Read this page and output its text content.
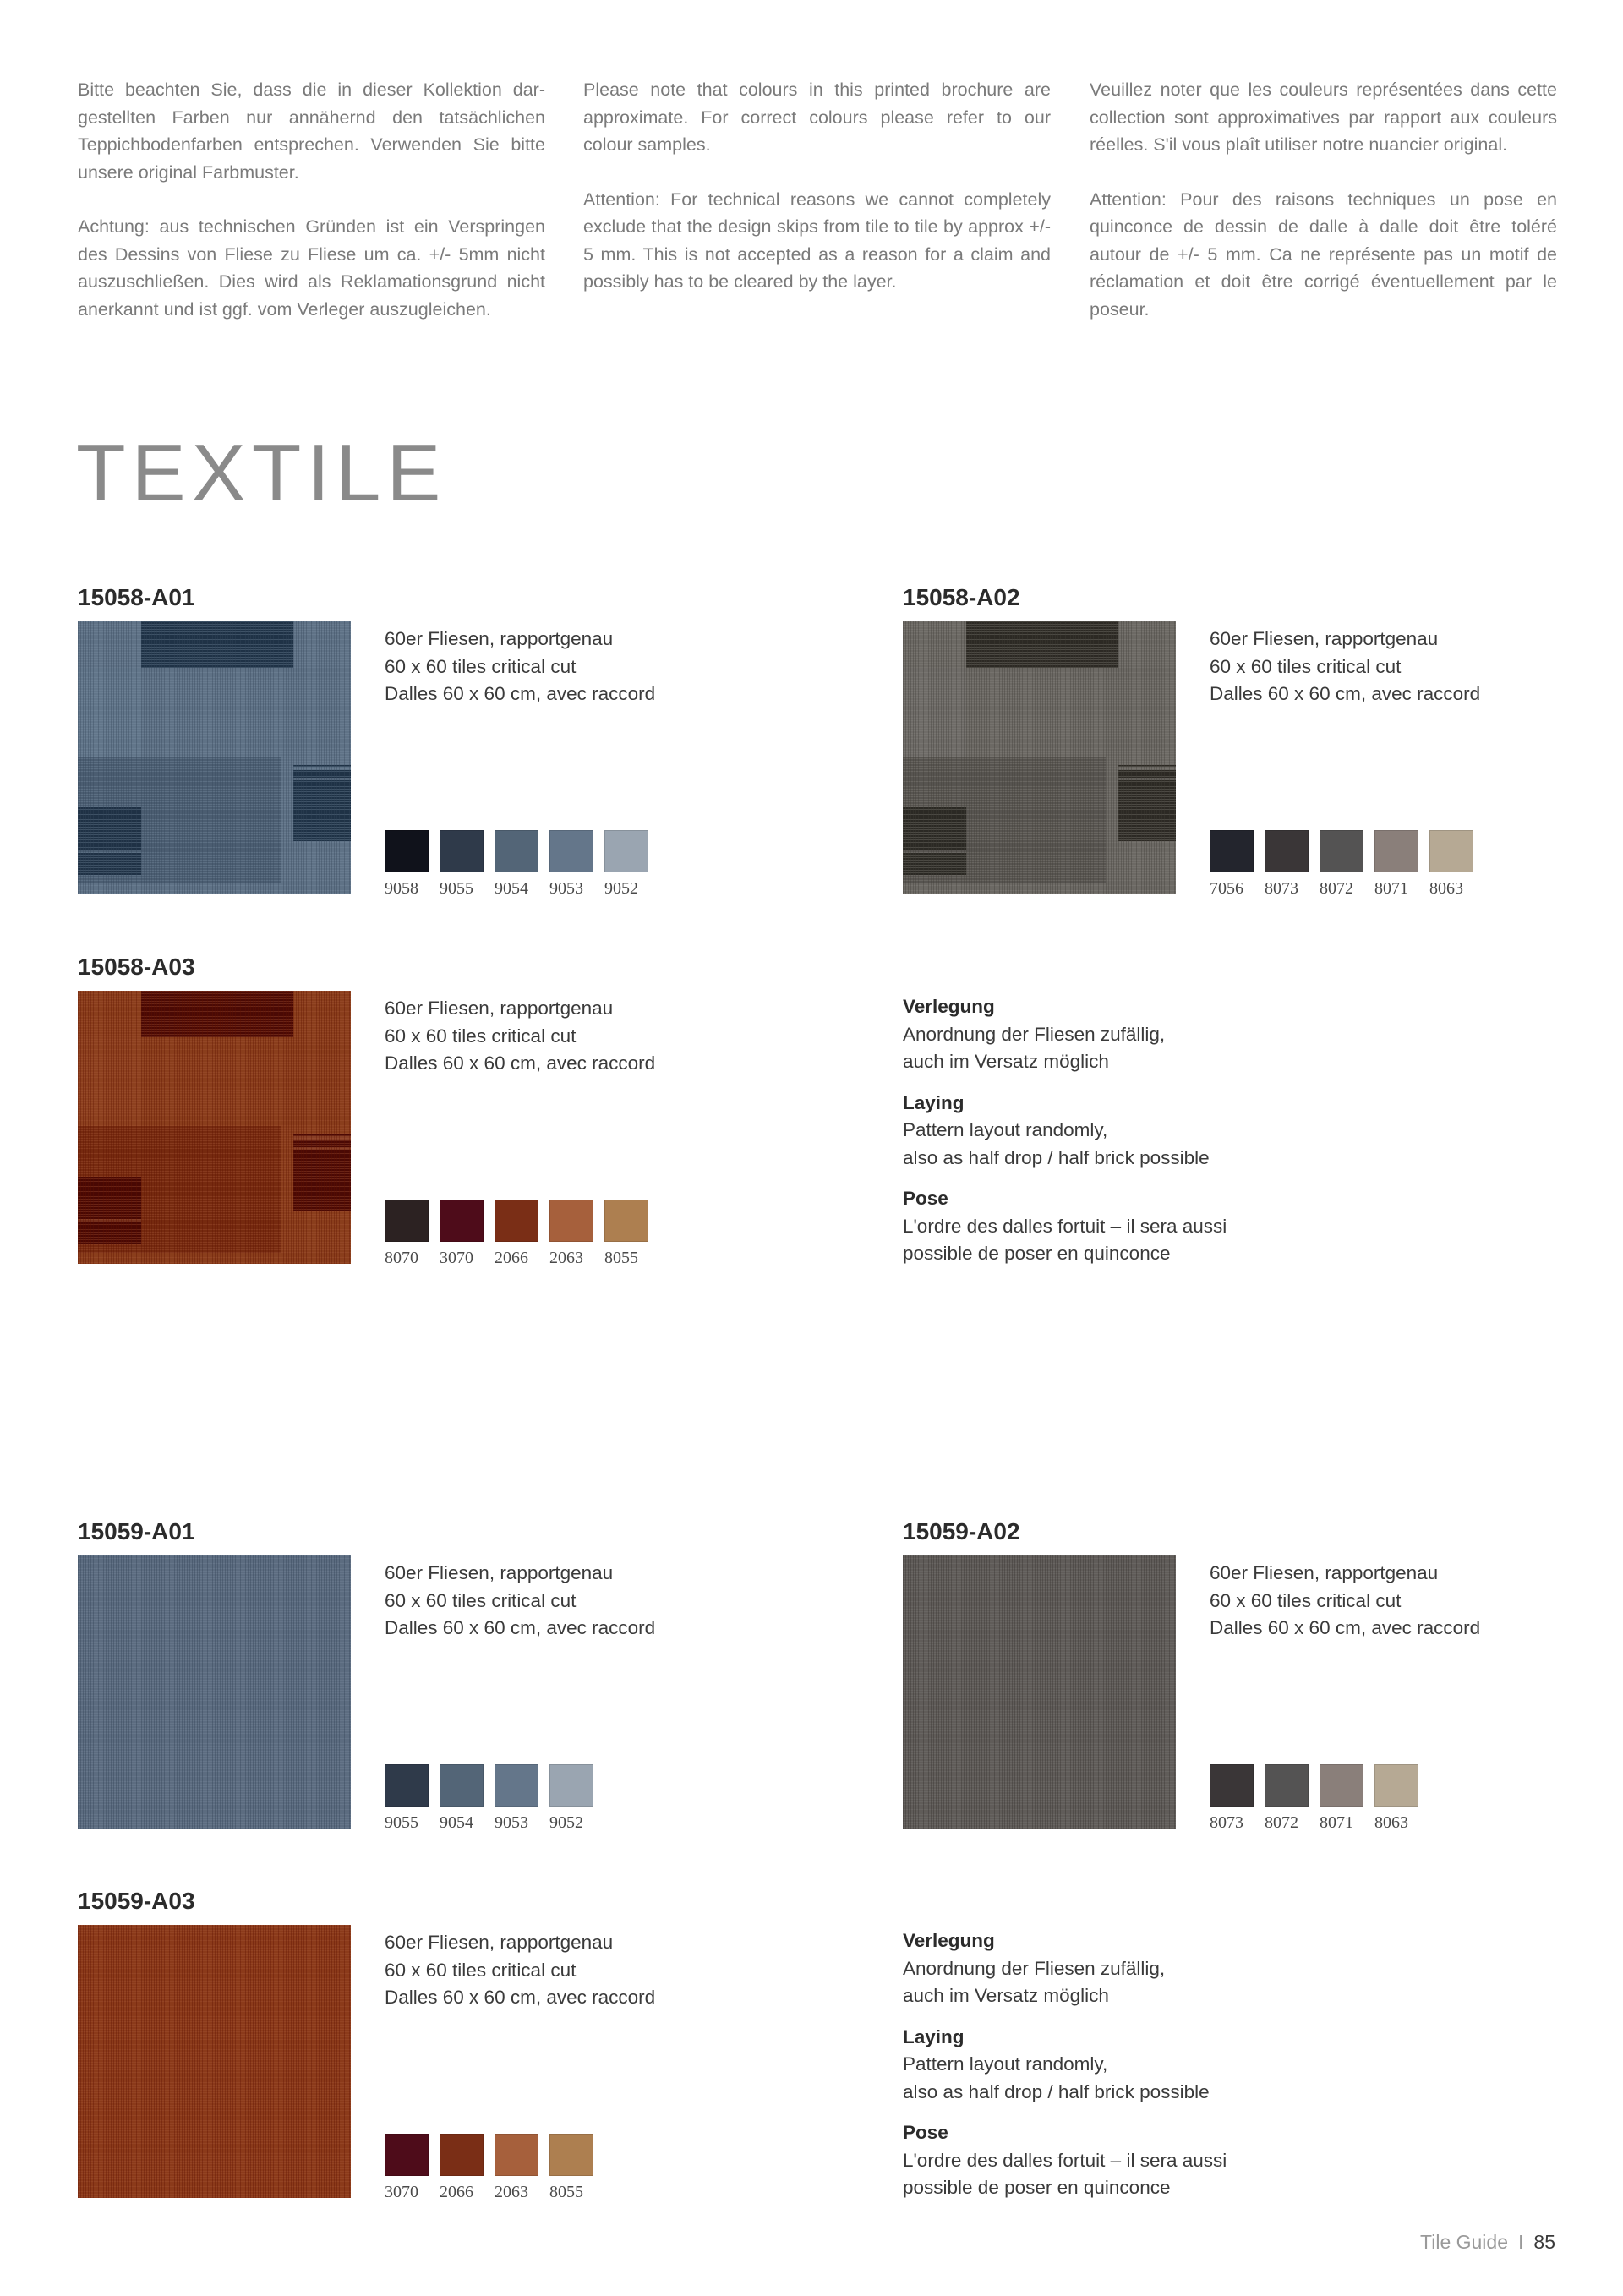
Bitte beachten Sie, dass die in dieser Kollektion dar-gestellten Farben nur annähernd den tatsächlichen Teppichbodenfarben entsprechen. Verwenden Sie bitte unsere original Farbmuster.

Achtung: aus technischen Gründen ist ein Verspringen des Dessins von Fliese zu Fliese um ca. +/- 5mm nicht auszuschließen. Dies wird als Reklamationsgrund nicht anerkannt und ist ggf. vom Verleger auszugleichen.

Please note that colours in this printed brochure are approximate. For correct colours please refer to our colour samples.

Attention: For technical reasons we cannot completely exclude that the design skips from tile to tile by approx +/- 5 mm. This is not accepted as a reason for a claim and possibly has to be cleared by the layer.

Veuillez noter que les couleurs représentées dans cette collection sont approximatives par rapport aux couleurs réelles. S'il vous plaît utiliser notre nuancier original.

Attention: Pour des raisons techniques un pose en quinconce de dessin de dalle à dalle doit être toléré autour de +/- 5 mm. Ca ne représente pas un motif de réclamation et doit être corrigé éventuellement par le poseur.

TEXTILE
15058-A01
60er Fliesen, rapportgenau
60 x 60 tiles critical cut
Dalles 60 x 60 cm, avec raccord
9058	9055	9054	9053	9052
15058-A02
60er Fliesen, rapportgenau
60 x 60 tiles critical cut
Dalles 60 x 60 cm, avec raccord
7056	8073	8072	8071	8063
15058-A03
60er Fliesen, rapportgenau
60 x 60 tiles critical cut
Dalles 60 x 60 cm, avec raccord
8070	3070	2066	2063	8055
15059-A01
60er Fliesen, rapportgenau
60 x 60 tiles critical cut
Dalles 60 x 60 cm, avec raccord
9055	9054	9053	9052
15059-A02
60er Fliesen, rapportgenau
60 x 60 tiles critical cut
Dalles 60 x 60 cm, avec raccord
8073	8072	8071	8063
15059-A03
60er Fliesen, rapportgenau
60 x 60 tiles critical cut
Dalles 60 x 60 cm, avec raccord
3070	2066	2063	8055
Verlegung
Anordnung der Fliesen zufällig,
auch im Versatz möglich
Laying
Pattern layout randomly,
also as half drop / half brick possible
Pose
L'ordre des dalles fortuit – il sera aussi
possible de poser en quinconce
Verlegung
Anordnung der Fliesen zufällig,
auch im Versatz möglich
Laying
Pattern layout randomly,
also as half drop / half brick possible
Pose
L'ordre des dalles fortuit – il sera aussi
possible de poser en quinconce
Tile Guide I 85
